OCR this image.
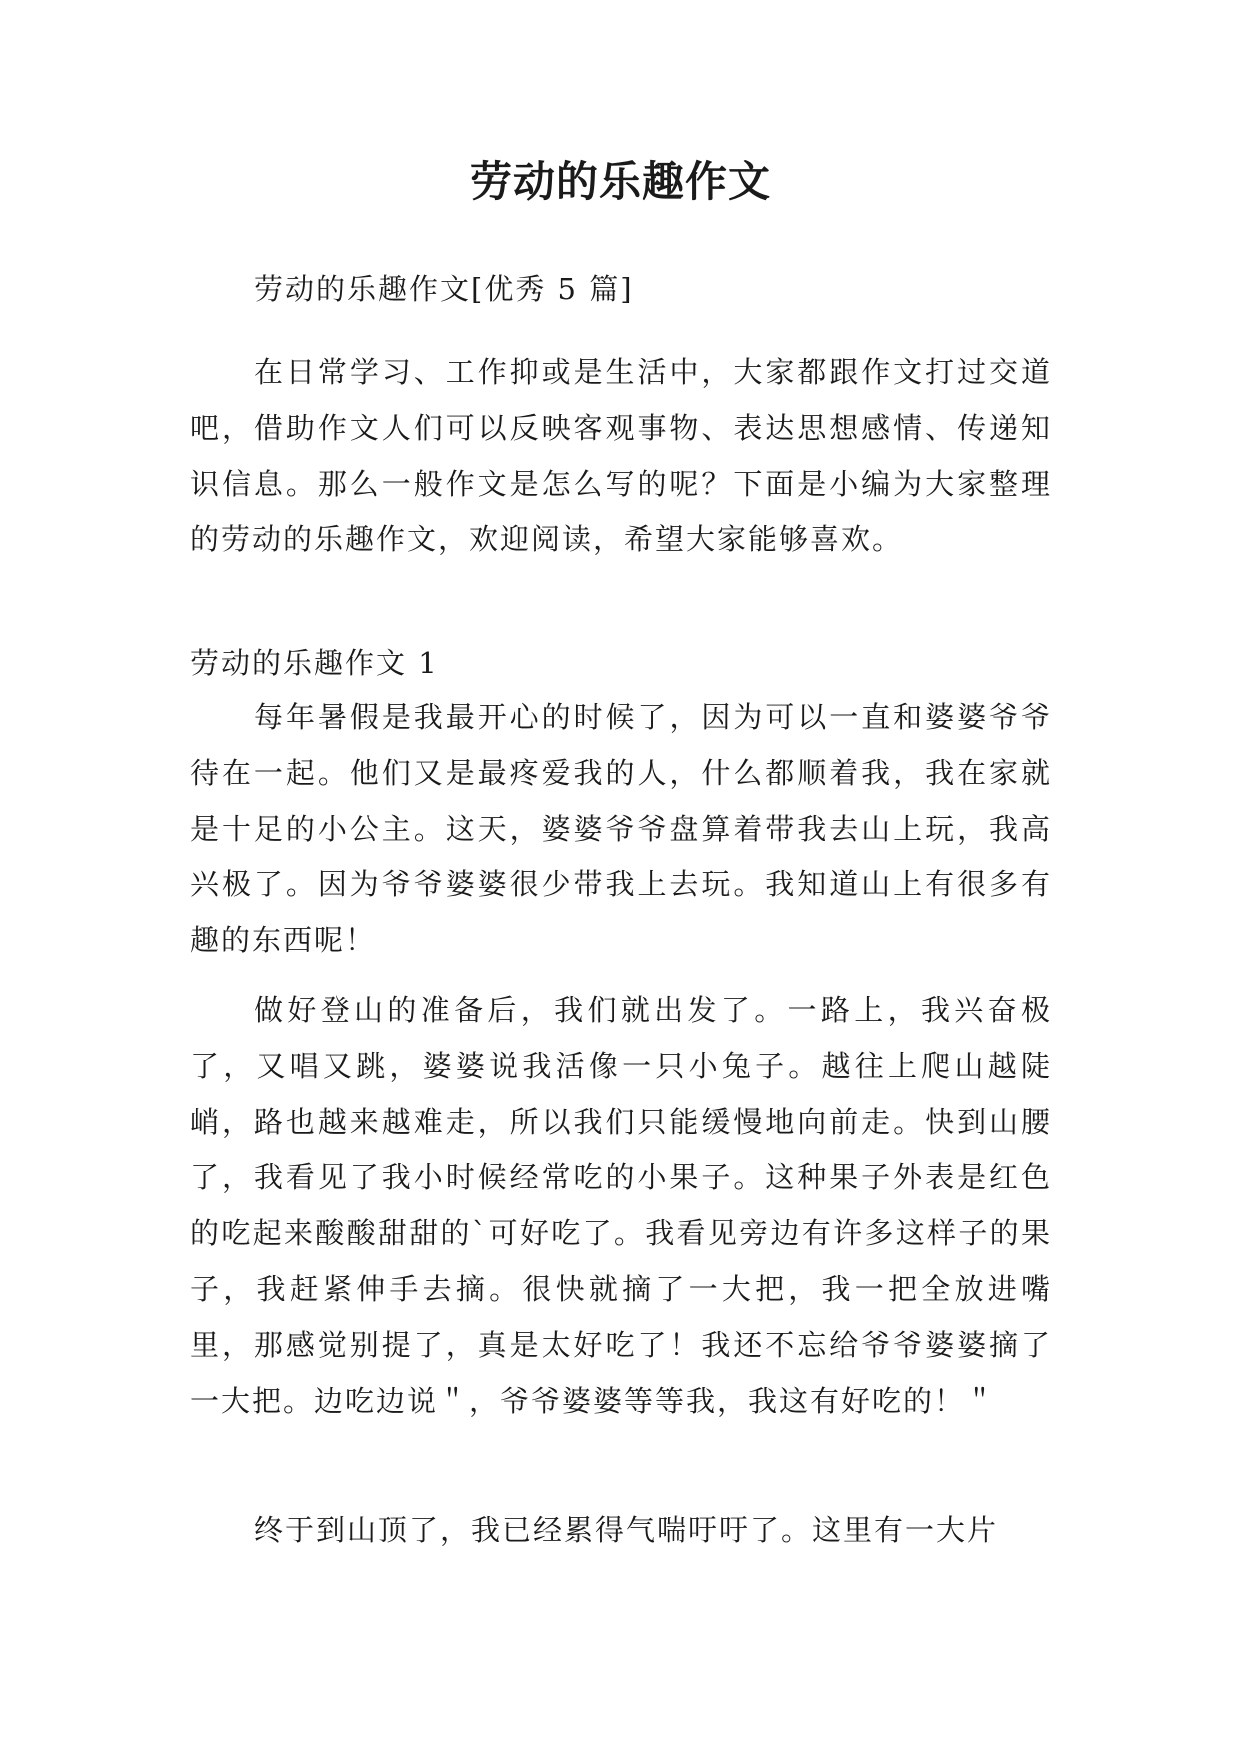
劳动的乐趣作文

劳动的乐趣作文[优秀 5 篇]

在日常学习、工作抑或是生活中，大家都跟作文打过交道吧，借助作文人们可以反映客观事物、表达思想感情、传递知识信息。那么一般作文是怎么写的呢？下面是小编为大家整理的劳动的乐趣作文，欢迎阅读，希望大家能够喜欢。

劳动的乐趣作文 1

每年暑假是我最开心的时候了，因为可以一直和婆婆爷爷待在一起。他们又是最疼爱我的人，什么都顺着我，我在家就是十足的小公主。这天，婆婆爷爷盘算着带我去山上玩，我高兴极了。因为爷爷婆婆很少带我上去玩。我知道山上有很多有趣的东西呢！

做好登山的准备后，我们就出发了。一路上，我兴奋极了，又唱又跳，婆婆说我活像一只小兔子。越往上爬山越陡峭，路也越来越难走，所以我们只能缓慢地向前走。快到山腰了，我看见了我小时候经常吃的小果子。这种果子外表是红色的吃起来酸酸甜甜的`可好吃了。我看见旁边有许多这样子的果子，我赶紧伸手去摘。很快就摘了一大把，我一把全放进嘴里，那感觉别提了，真是太好吃了！我还不忘给爷爷婆婆摘了一大把。边吃边说＂，爷爷婆婆等等我，我这有好吃的！＂

终于到山顶了，我已经累得气喘吁吁了。这里有一大片
